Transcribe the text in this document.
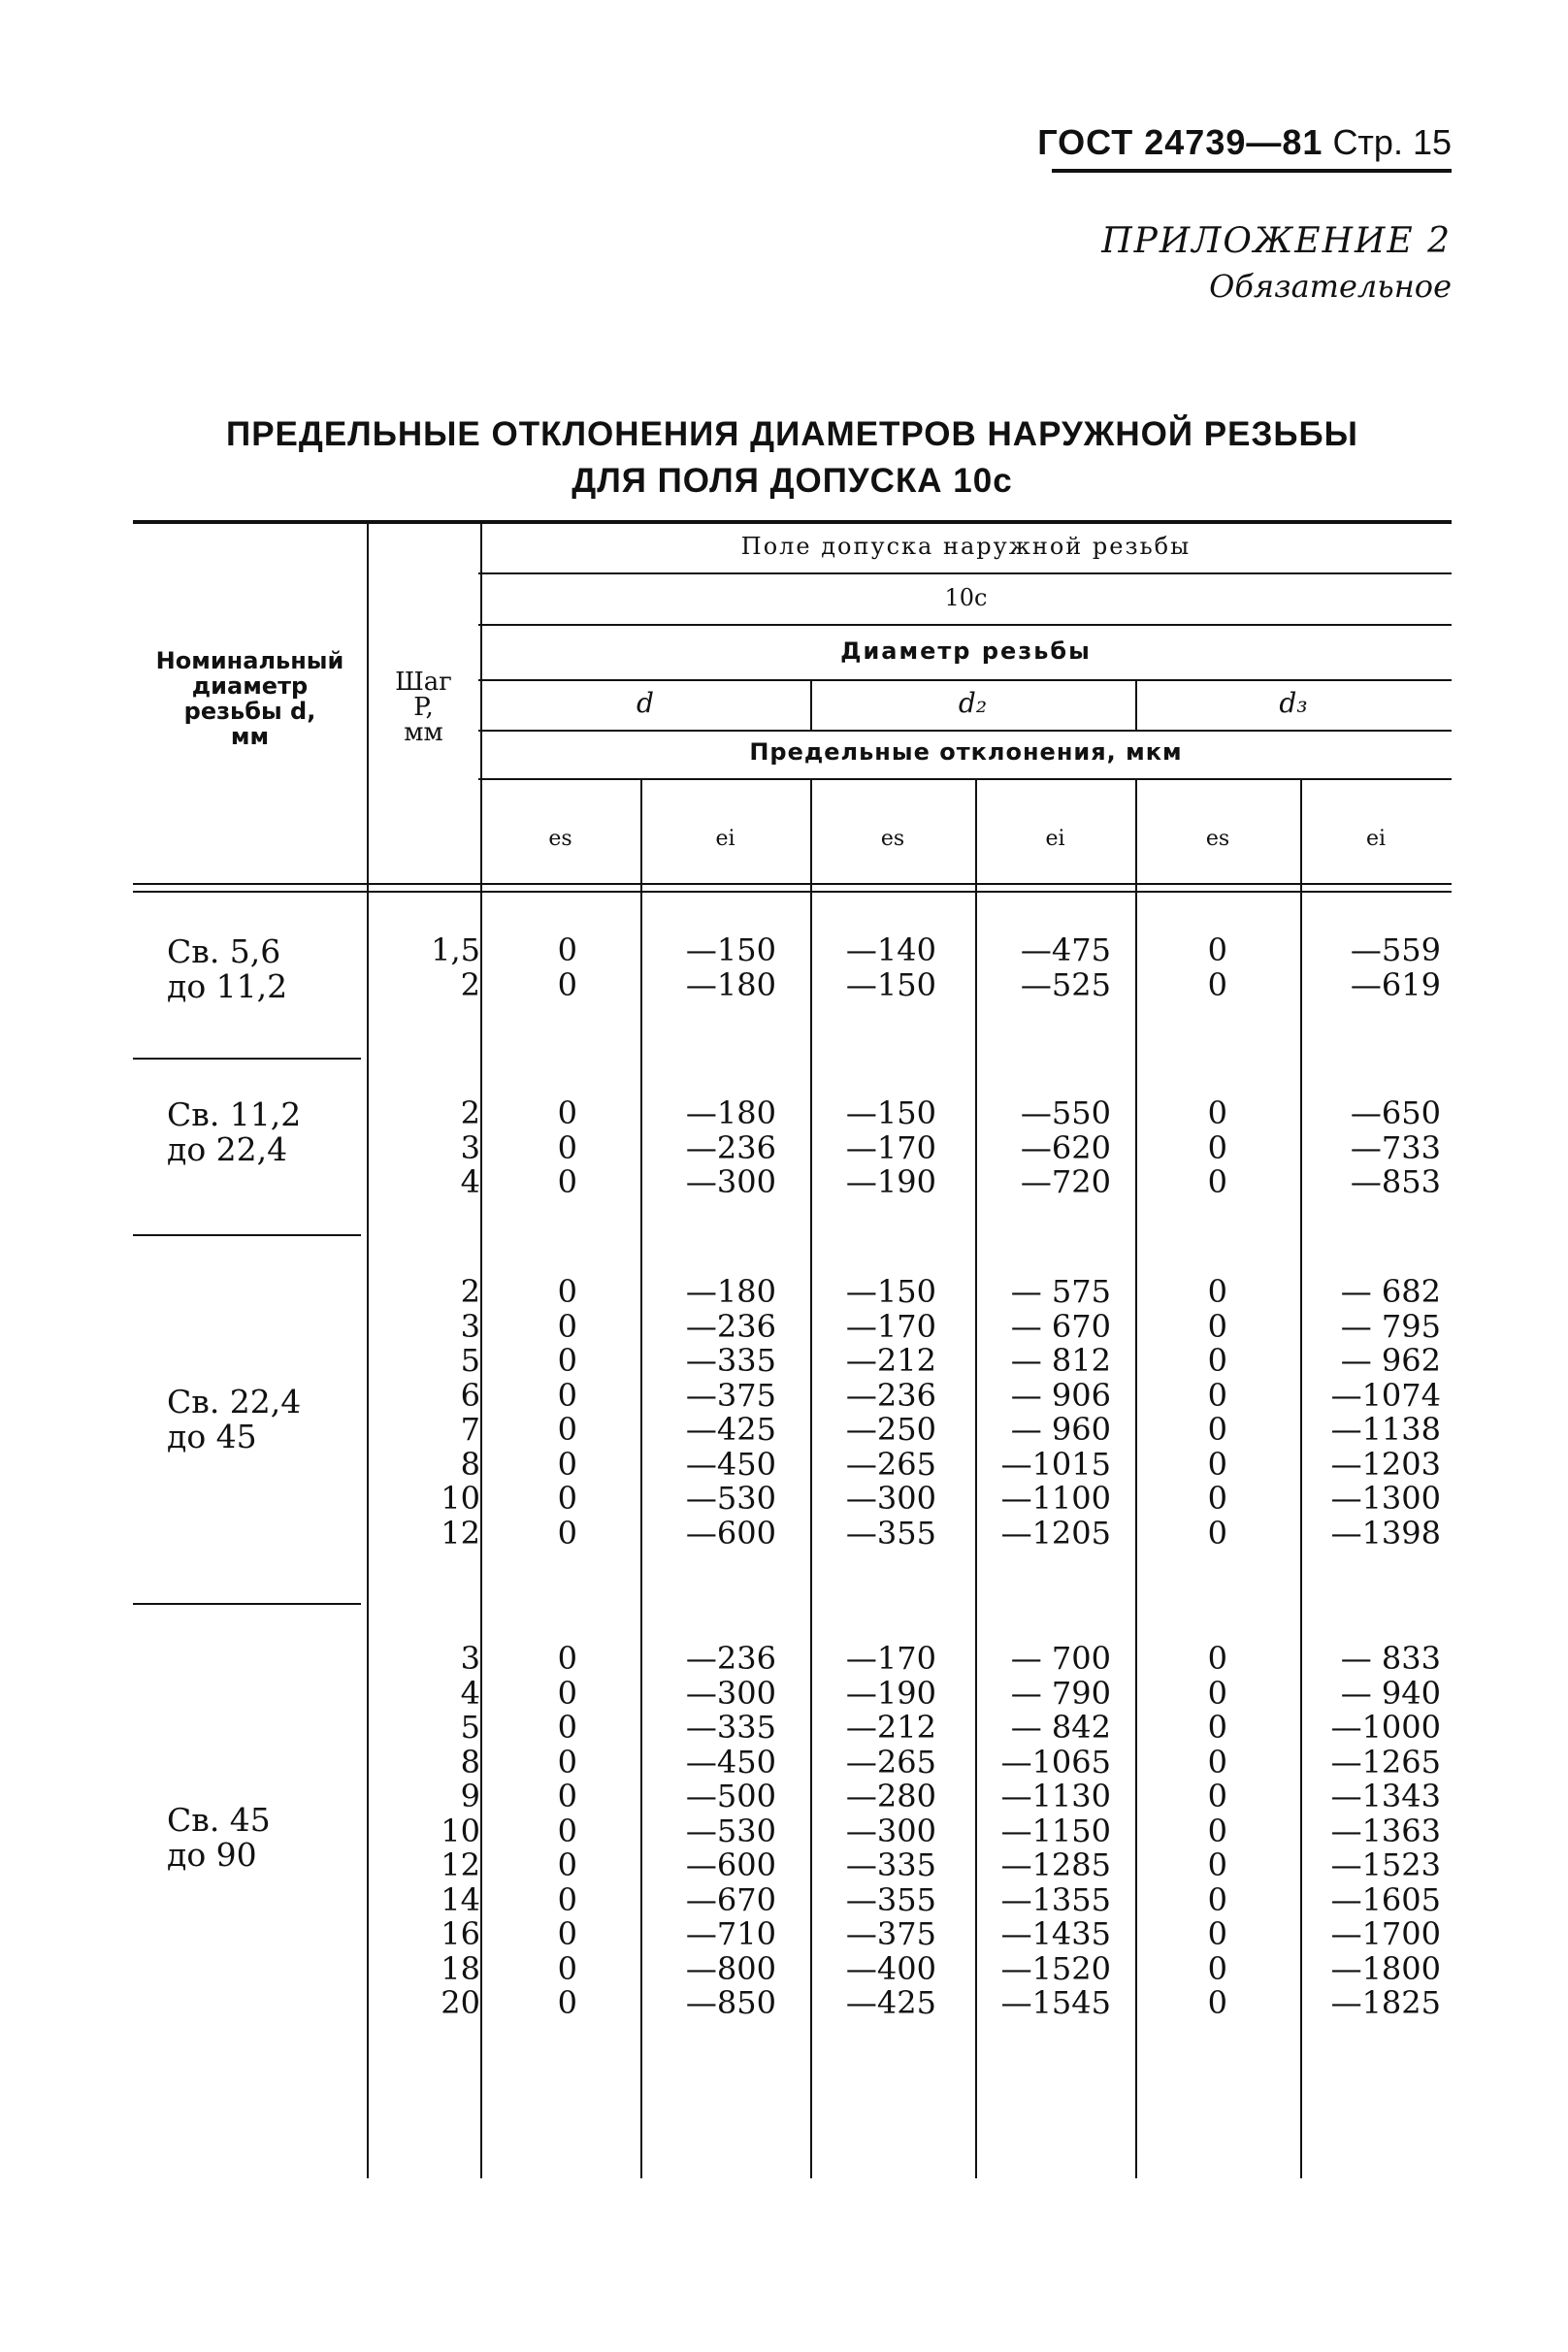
ГОСТ 24739—81 Стр. 15
ПРИЛОЖЕНИЕ 2
Обязательное
ПРЕДЕЛЬНЫЕ ОТКЛОНЕНИЯ ДИАМЕТРОВ НАРУЖНОЙ РЕЗЬБЫ
ДЛЯ ПОЛЯ ДОПУСКА 10с
Номинальный
диаметр
резьбы d,
мм
Шаг
P,
мм
Поле допуска наружной резьбы
10с
Диаметр резьбы
d	d₂	d₃
Предельные отклонения, мкм
es	ei	es	ei	es	ei
Св. 5,6
до 11,2
1,5	0	—150	—140	—475	0	—559
2	0	—180	—150	—525	0	—619
Св. 11,2
до 22,4
2	0	—180	—150	—550	0	—650
3	0	—236	—170	—620	0	—733
4	0	—300	—190	—720	0	—853
Св. 22,4
до 45
2	0	—180	—150	— 575	0	— 682
3	0	—236	—170	— 670	0	— 795
5	0	—335	—212	— 812	0	— 962
6	0	—375	—236	— 906	0	—1074
7	0	—425	—250	— 960	0	—1138
8	0	—450	—265	—1015	0	—1203
10	0	—530	—300	—1100	0	—1300
12	0	—600	—355	—1205	0	—1398
Св. 45
до 90
3	0	—236	—170	— 700	0	— 833
4	0	—300	—190	— 790	0	— 940
5	0	—335	—212	— 842	0	—1000
8	0	—450	—265	—1065	0	—1265
9	0	—500	—280	—1130	0	—1343
10	0	—530	—300	—1150	0	—1363
12	0	—600	—335	—1285	0	—1523
14	0	—670	—355	—1355	0	—1605
16	0	—710	—375	—1435	0	—1700
18	0	—800	—400	—1520	0	—1800
20	0	—850	—425	—1545	0	—1825
